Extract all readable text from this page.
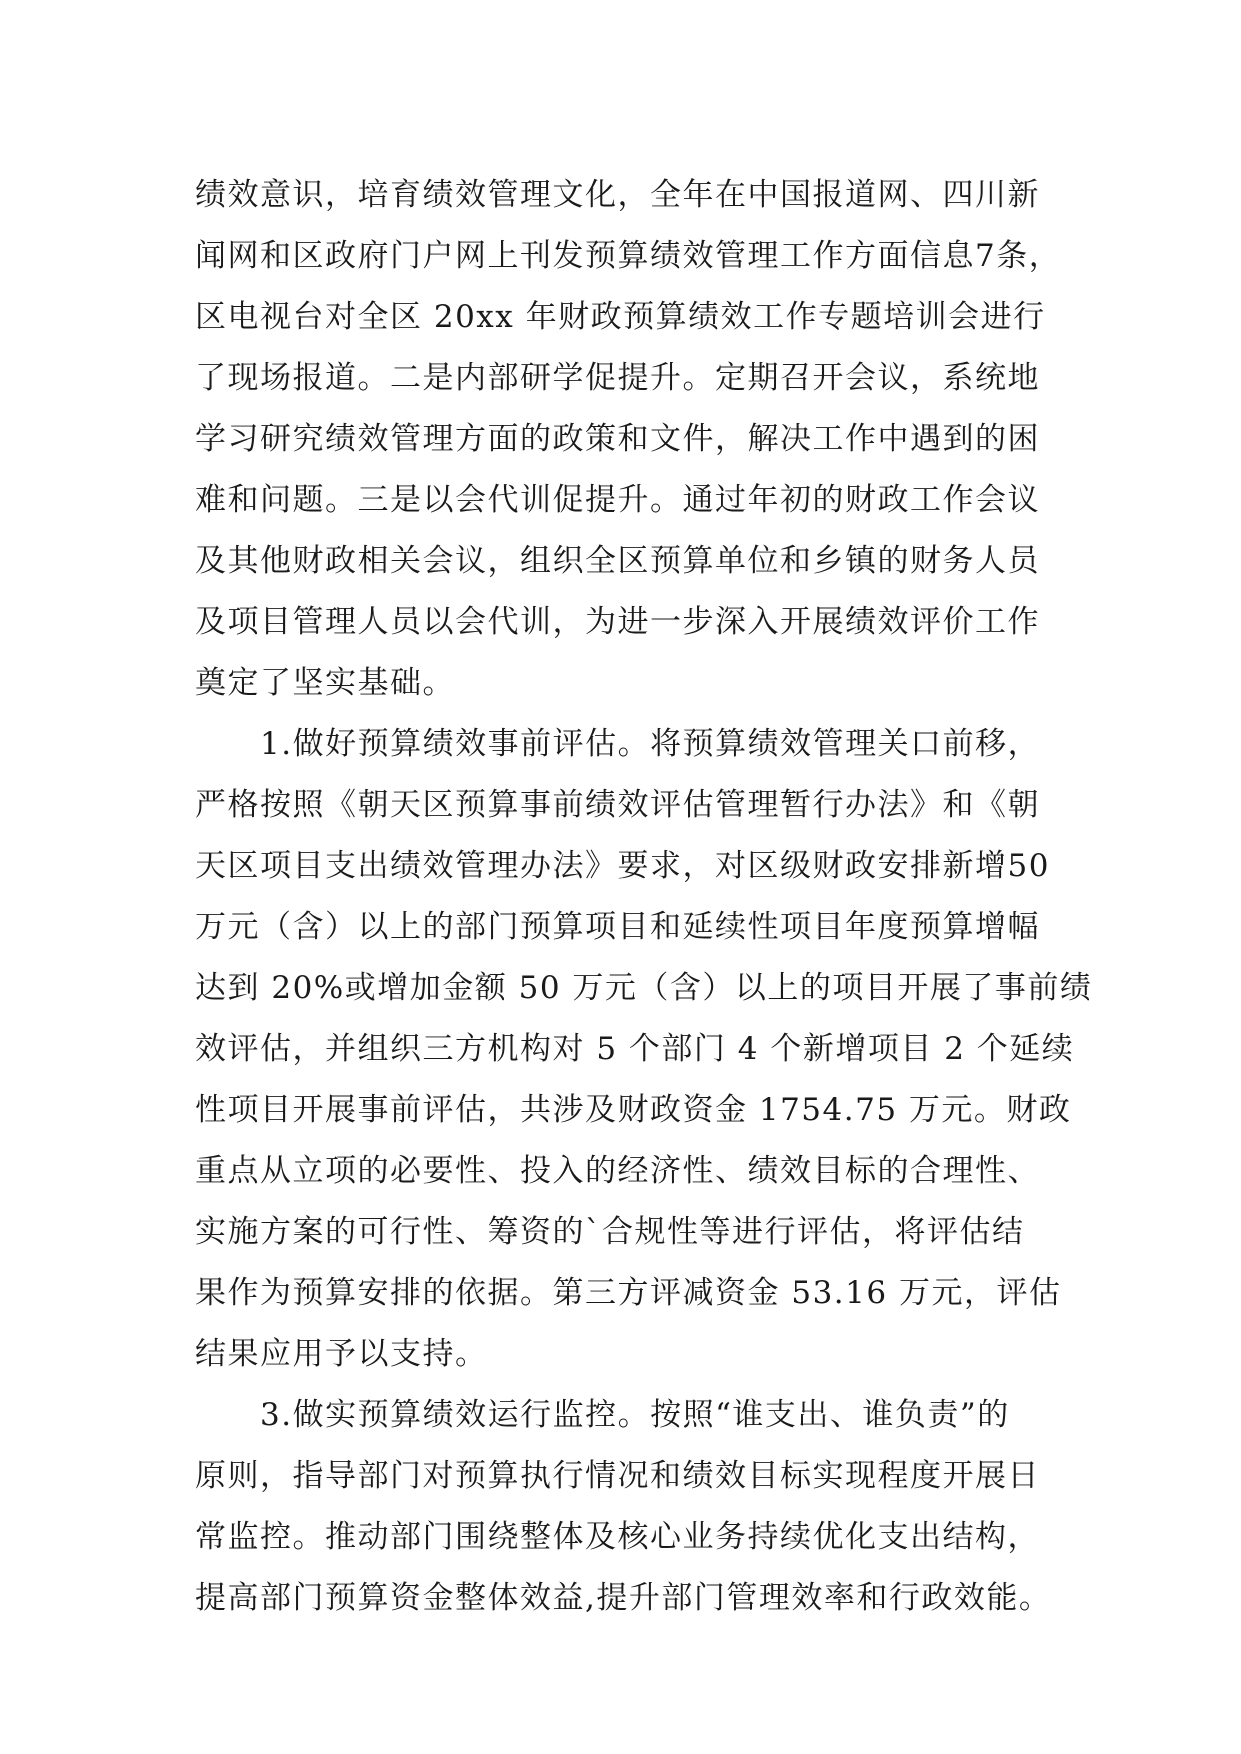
绩效意识，培育绩效管理文化，全年在中国报道网、四川新
闻网和区政府门户网上刊发预算绩效管理工作方面信息7条，
区电视台对全区 20xx 年财政预算绩效工作专题培训会进行
了现场报道。二是内部研学促提升。定期召开会议，系统地
学习研究绩效管理方面的政策和文件，解决工作中遇到的困
难和问题。三是以会代训促提升。通过年初的财政工作会议
及其他财政相关会议，组织全区预算单位和乡镇的财务人员
及项目管理人员以会代训，为进一步深入开展绩效评价工作
奠定了坚实基础。
　　1.做好预算绩效事前评估。将预算绩效管理关口前移，
严格按照《朝天区预算事前绩效评估管理暂行办法》和《朝
天区项目支出绩效管理办法》要求，对区级财政安排新增50
万元（含）以上的部门预算项目和延续性项目年度预算增幅
达到 20%或增加金额 50 万元（含）以上的项目开展了事前绩
效评估，并组织三方机构对 5 个部门 4 个新增项目 2 个延续
性项目开展事前评估，共涉及财政资金 1754.75 万元。财政
重点从立项的必要性、投入的经济性、绩效目标的合理性、
实施方案的可行性、筹资的`合规性等进行评估，将评估结
果作为预算安排的依据。第三方评减资金 53.16 万元，评估
结果应用予以支持。
　　3.做实预算绩效运行监控。按照“谁支出、谁负责”的
原则，指导部门对预算执行情况和绩效目标实现程度开展日
常监控。推动部门围绕整体及核心业务持续优化支出结构，
提高部门预算资金整体效益,提升部门管理效率和行政效能。
